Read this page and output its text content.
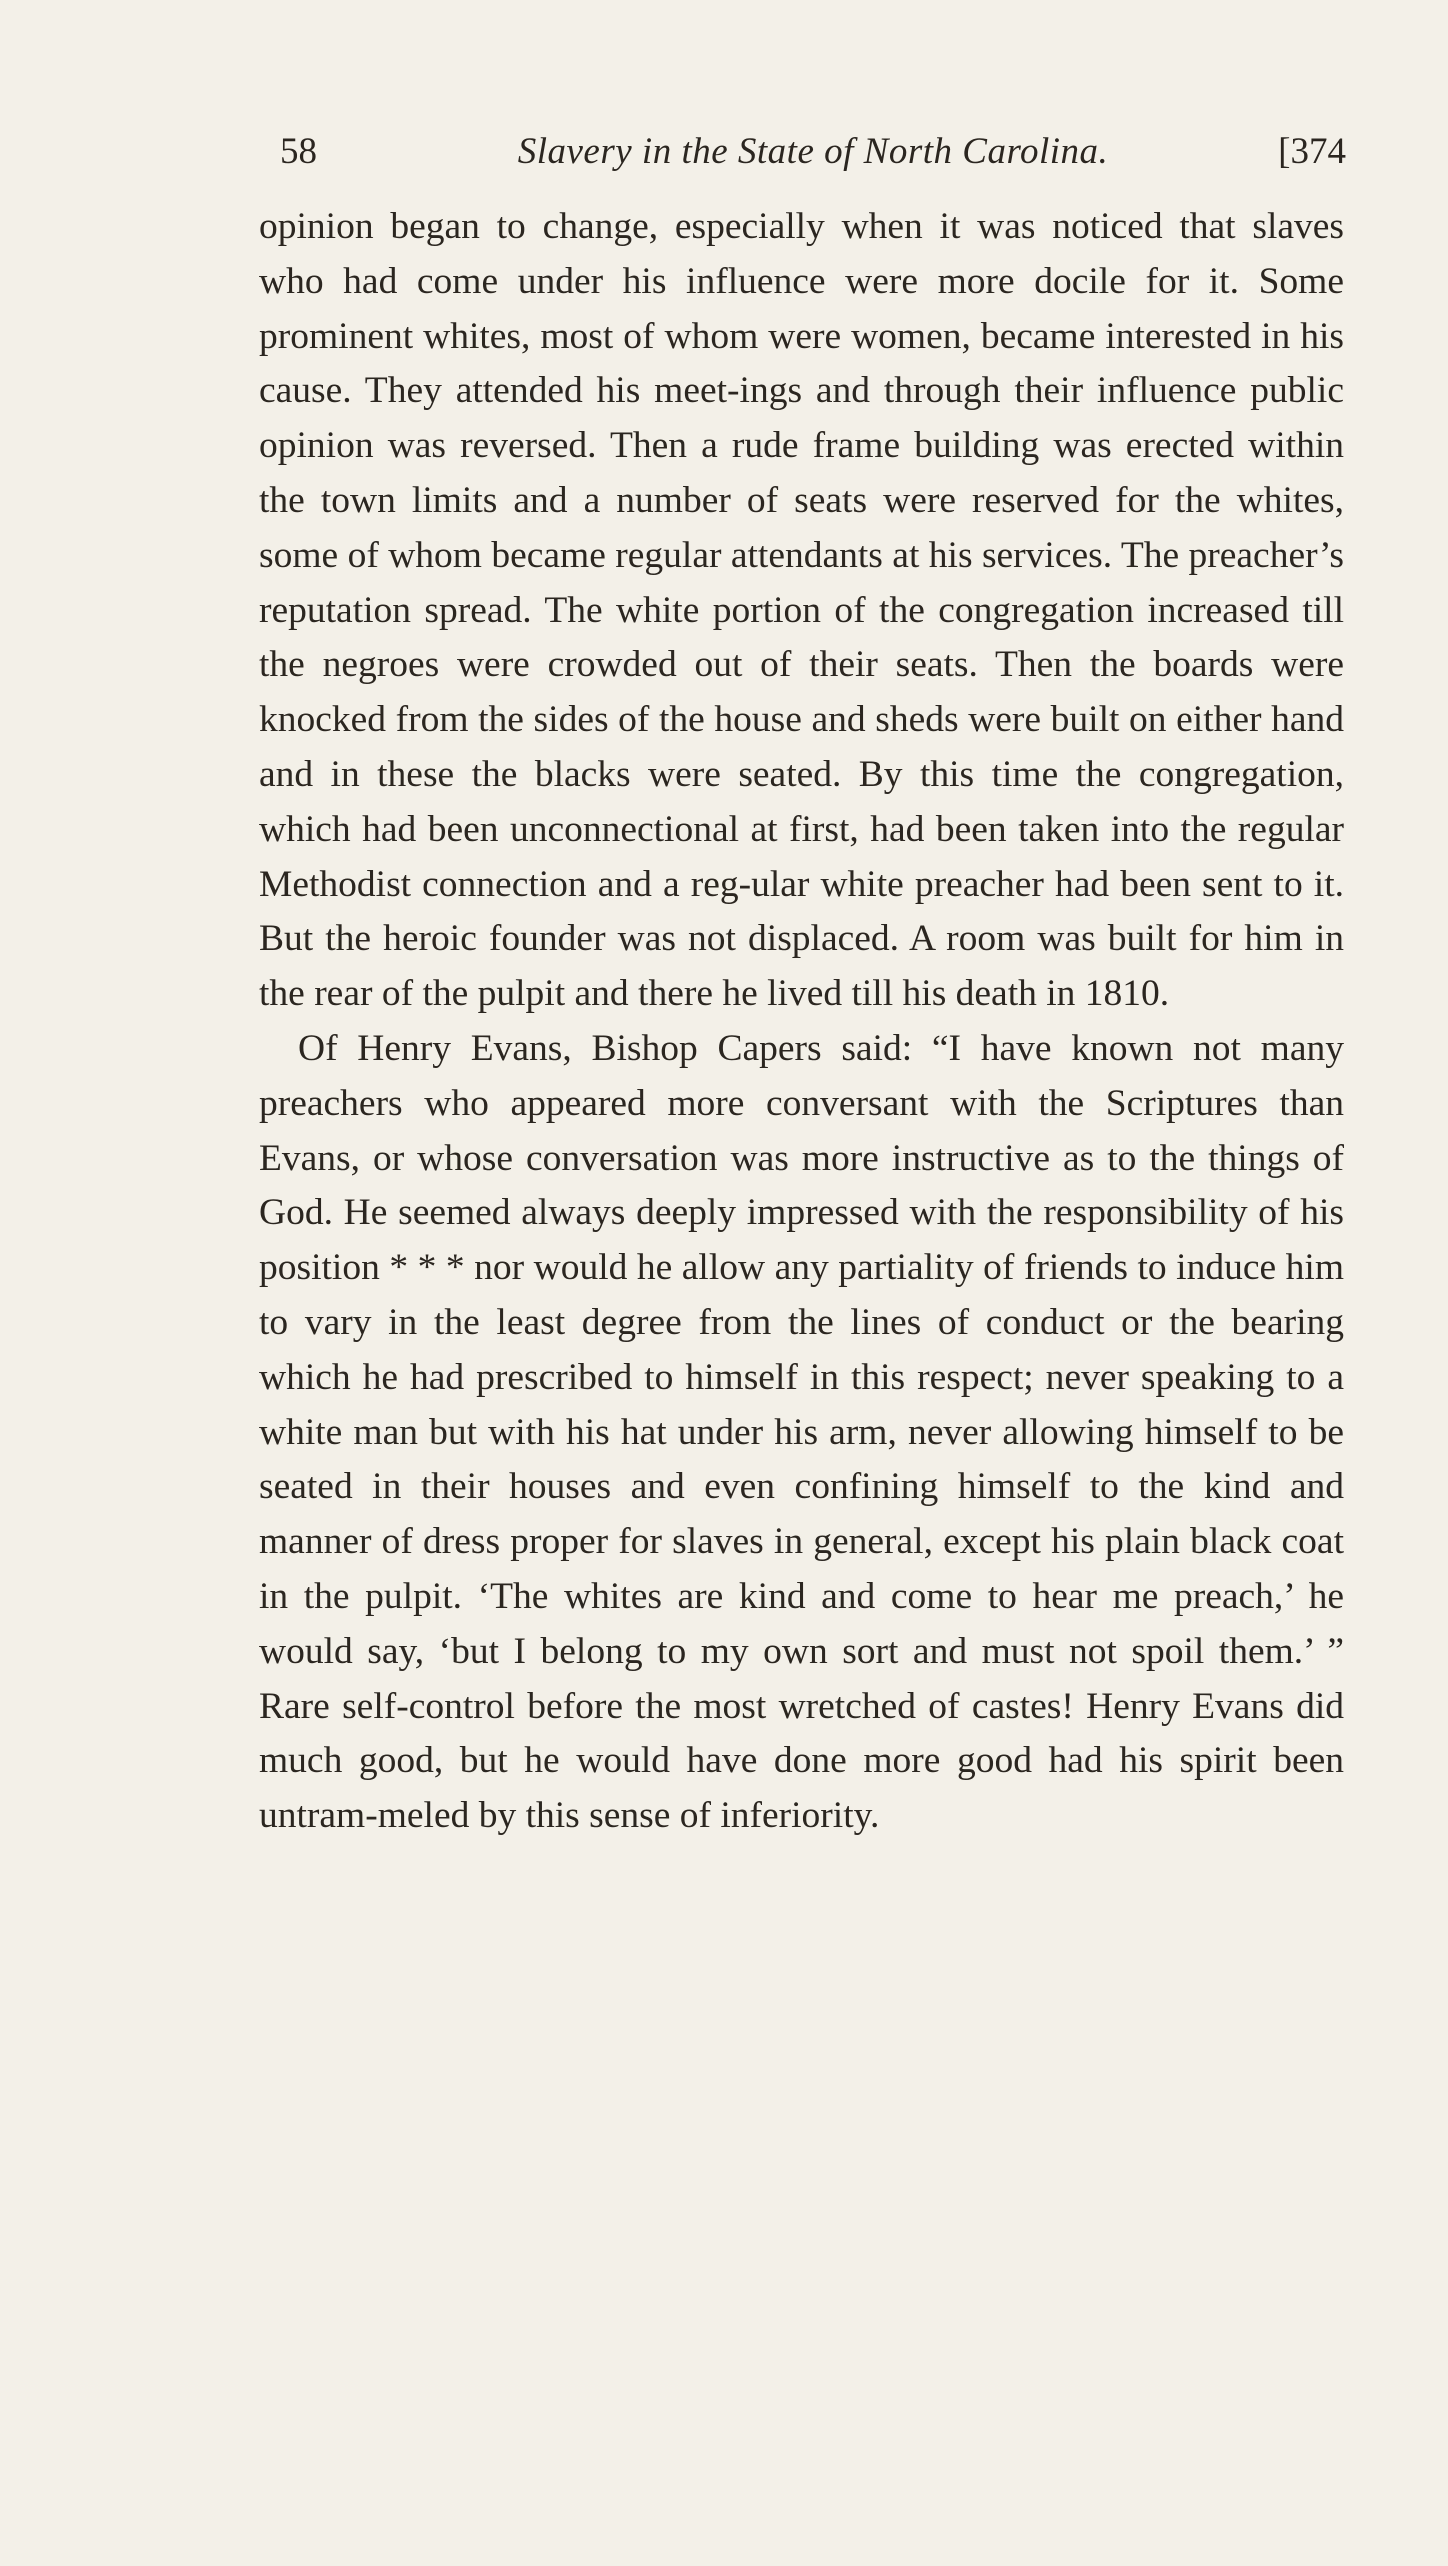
58	Slavery in the State of North Carolina.	[374

opinion began to change, especially when it was noticed that slaves who had come under his influence were more docile for it. Some prominent whites, most of whom were women, became interested in his cause. They attended his meet-ings and through their influence public opinion was reversed. Then a rude frame building was erected within the town limits and a number of seats were reserved for the whites, some of whom became regular attendants at his services. The preacher’s reputation spread. The white portion of the congregation increased till the negroes were crowded out of their seats. Then the boards were knocked from the sides of the house and sheds were built on either hand and in these the blacks were seated. By this time the congregation, which had been unconnectional at first, had been taken into the regular Methodist connection and a reg-ular white preacher had been sent to it. But the heroic founder was not displaced. A room was built for him in the rear of the pulpit and there he lived till his death in 1810.

Of Henry Evans, Bishop Capers said: “I have known not many preachers who appeared more conversant with the Scriptures than Evans, or whose conversation was more instructive as to the things of God. He seemed always deeply impressed with the responsibility of his position * * * nor would he allow any partiality of friends to induce him to vary in the least degree from the lines of conduct or the bearing which he had prescribed to himself in this respect; never speaking to a white man but with his hat under his arm, never allowing himself to be seated in their houses and even confining himself to the kind and manner of dress proper for slaves in general, except his plain black coat in the pulpit. ‘The whites are kind and come to hear me preach,’ he would say, ‘but I belong to my own sort and must not spoil them.’ ” Rare self-control before the most wretched of castes! Henry Evans did much good, but he would have done more good had his spirit been untram-meled by this sense of inferiority.
